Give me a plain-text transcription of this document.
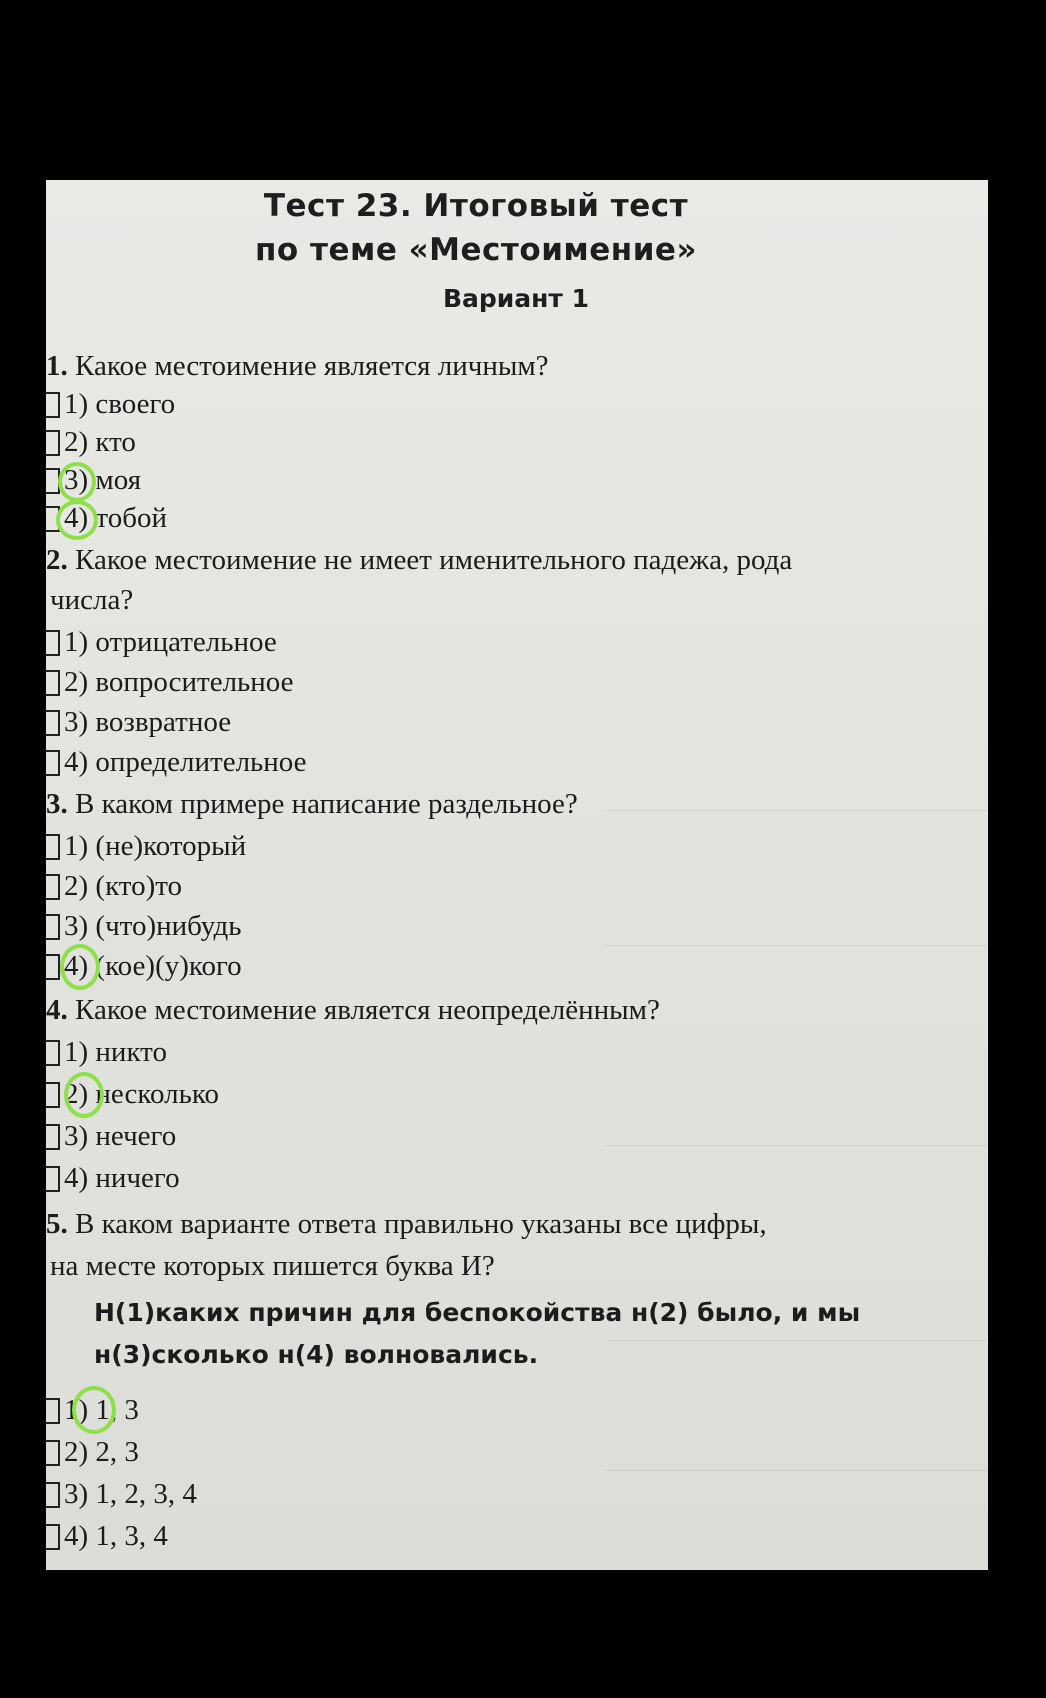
Тест 23. Итоговый тест
по теме «Местоимение»
Вариант 1
1. Какое местоимение является личным?
1) своего
2) кто
3) моя
4) тобой
2. Какое местоимение не имеет именительного падежа, рода
числа?
1) отрицательное
2) вопросительное
3) возвратное
4) определительное
3. В каком примере написание раздельное?
1) (не)который
2) (кто)то
3) (что)нибудь
4) (кое)(у)кого
4. Какое местоимение является неопределённым?
1) никто
2) несколько
3) нечего
4) ничего
5. В каком варианте ответа правильно указаны все цифры,
на месте которых пишется буква И?
Н(1)каких причин для беспокойства н(2) было, и мы
н(3)сколько н(4) волновались.
1) 1, 3
2) 2, 3
3) 1, 2, 3, 4
4) 1, 3, 4
